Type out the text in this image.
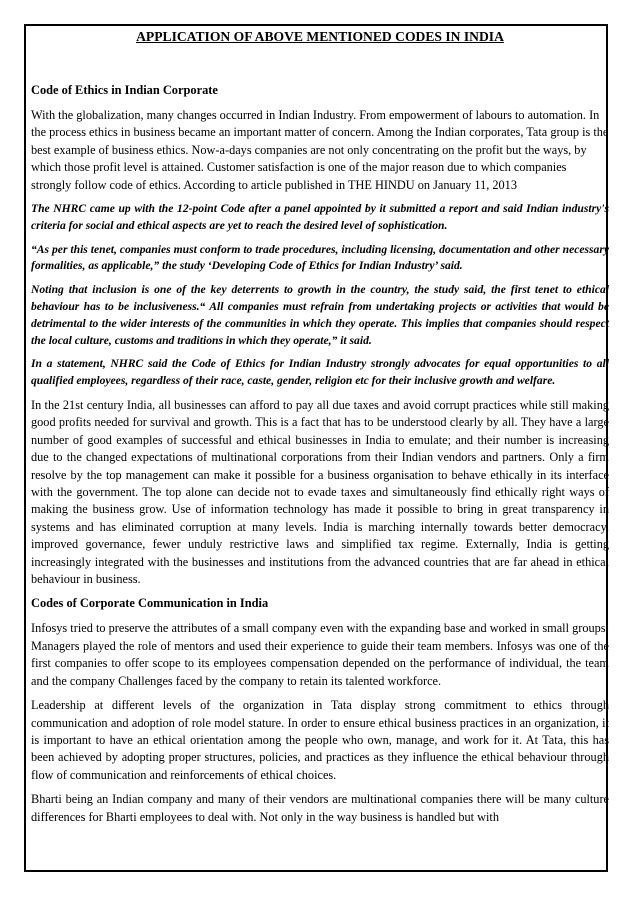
APPLICATION OF ABOVE MENTIONED CODES IN INDIA
Code of Ethics in Indian Corporate

With the globalization, many changes occurred in Indian Industry. From empowerment of labours to automation. In the process ethics in business became an important matter of concern. Among the Indian corporates, Tata group is the best example of business ethics. Now-a-days companies are not only concentrating on the profit but the ways, by which those profit level is attained. Customer satisfaction is one of the major reason due to which companies strongly follow code of ethics. According to article published in THE HINDU on January 11, 2013

The NHRC came up with the 12-point Code after a panel appointed by it submitted a report and said Indian industry's criteria for social and ethical aspects are yet to reach the desired level of sophistication.

“As per this tenet, companies must conform to trade procedures, including licensing, documentation and other necessary formalities, as applicable,” the study ‘Developing Code of Ethics for Indian Industry’ said.

Noting that inclusion is one of the key deterrents to growth in the country, the study said, the first tenet to ethical behaviour has to be inclusiveness.“ All companies must refrain from undertaking projects or activities that would be detrimental to the wider interests of the communities in which they operate. This implies that companies should respect the local culture, customs and traditions in which they operate,” it said.

In a statement, NHRC said the Code of Ethics for Indian Industry strongly advocates for equal opportunities to all qualified employees, regardless of their race, caste, gender, religion etc for their inclusive growth and welfare.

In the 21st century India, all businesses can afford to pay all due taxes and avoid corrupt practices while still making good profits needed for survival and growth. This is a fact that has to be understood clearly by all. They have a large number of good examples of successful and ethical businesses in India to emulate; and their number is increasing due to the changed expectations of multinational corporations from their Indian vendors and partners. Only a firm resolve by the top management can make it possible for a business organisation to behave ethically in its interface with the government. The top alone can decide not to evade taxes and simultaneously find ethically right ways of making the business grow. Use of information technology has made it possible to bring in great transparency in systems and has eliminated corruption at many levels. India is marching internally towards better democracy, improved governance, fewer unduly restrictive laws and simplified tax regime. Externally, India is getting increasingly integrated with the businesses and institutions from the advanced countries that are far ahead in ethical behaviour in business.

Codes of Corporate Communication in India

Infosys tried to preserve the attributes of a small company even with the expanding base and worked in small groups; Managers played the role of mentors and used their experience to guide their team members. Infosys was one of the first companies to offer scope to its employees compensation depended on the performance of individual, the team and the company Challenges faced by the company to retain its talented workforce.

Leadership at different levels of the organization in Tata display strong commitment to ethics through communication and adoption of role model stature. In order to ensure ethical business practices in an organization, it is important to have an ethical orientation among the people who own, manage, and work for it. At Tata, this has been achieved by adopting proper structures, policies, and practices as they influence the ethical behaviour through flow of communication and reinforcements of ethical choices.

Bharti being an Indian company and many of their vendors are multinational companies there will be many culture differences for Bharti employees to deal with. Not only in the way business is handled but with
